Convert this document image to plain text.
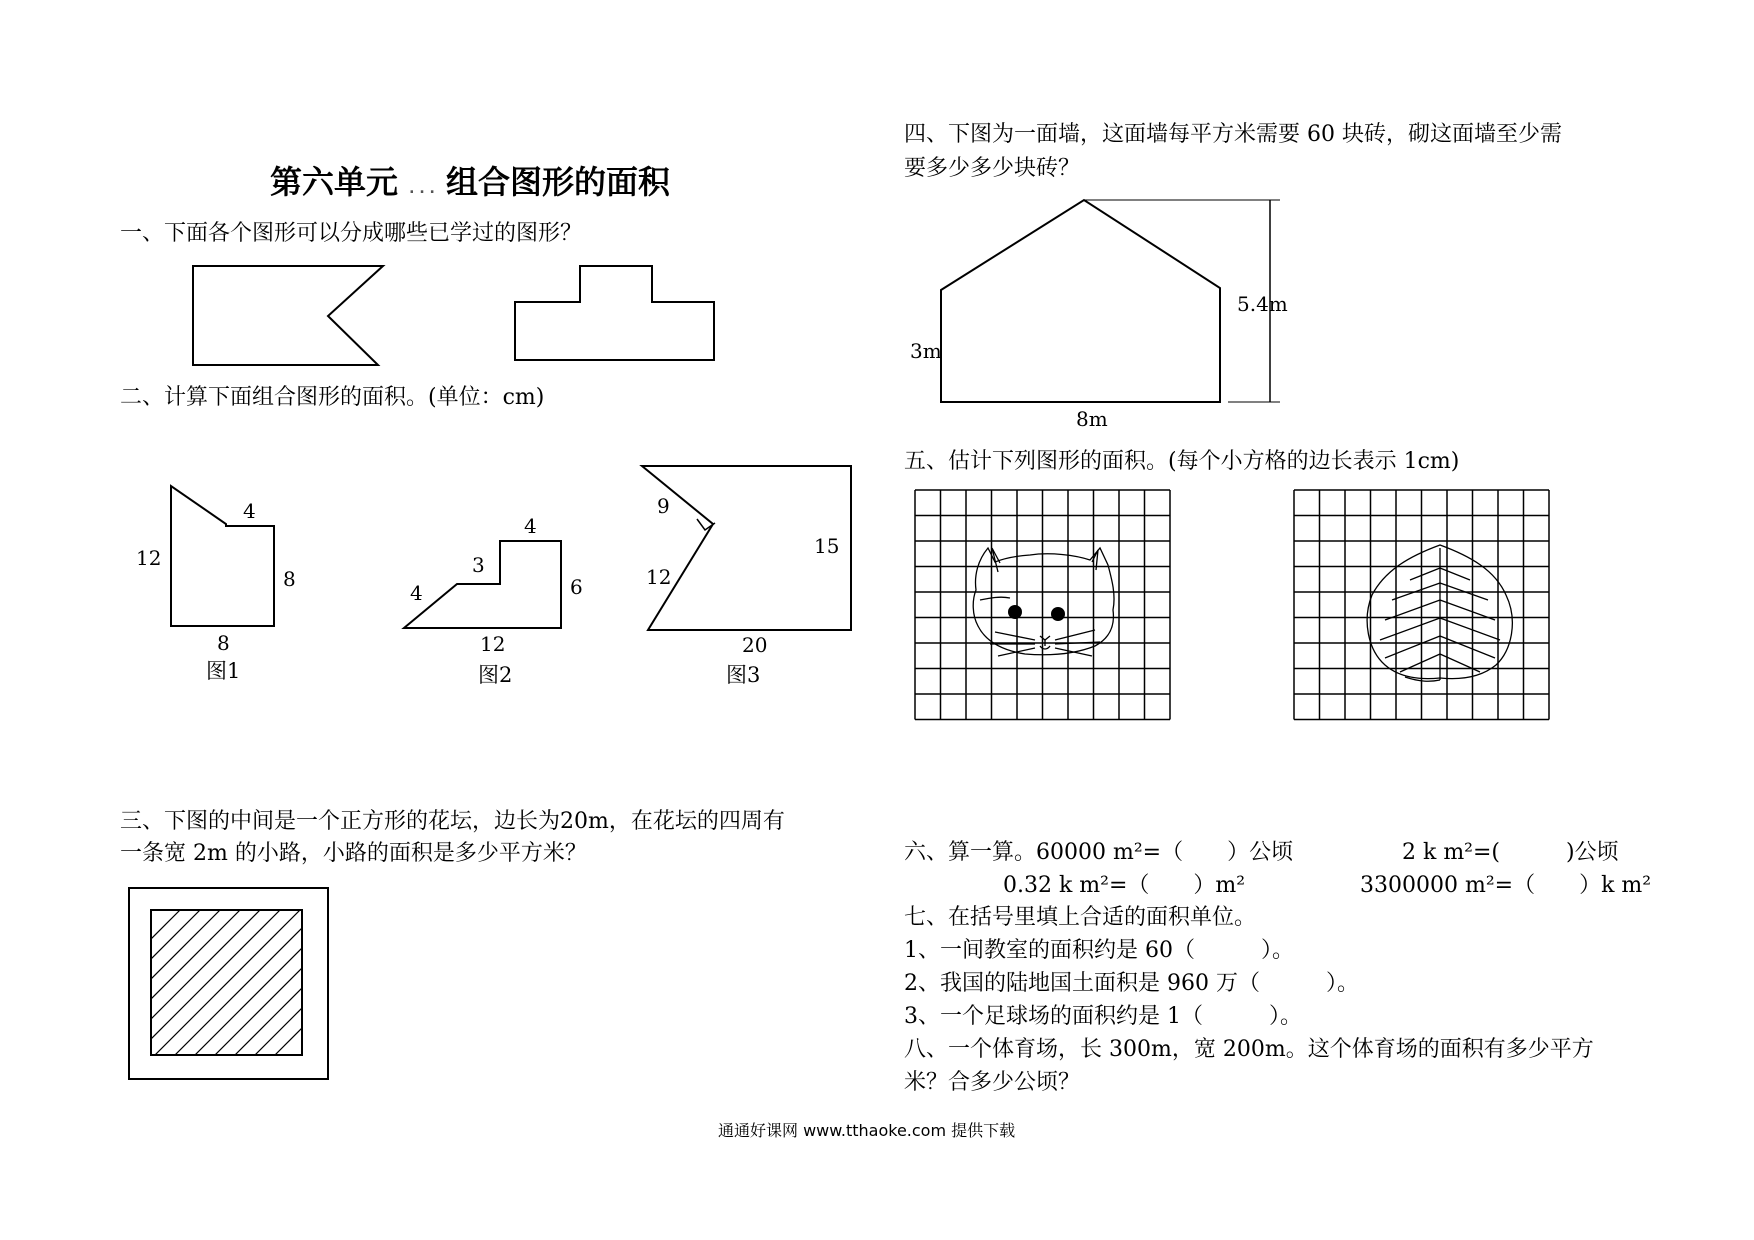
第六单元 . . . 组合图形的面积
一、下面各个图形可以分成哪些已学过的图形？
二、计算下面组合图形的面积。(单位：cm)
4
12
8
8
图1
4
3
4	6
12
图2
9
12
15
20
图3
三、下图的中间是一个正方形的花坛，边长为20m，在花坛的四周有
一条宽 2m 的小路，小路的面积是多少平方米？
四、下图为一面墙，这面墙每平方米需要 60 块砖，砌这面墙至少需
要多少多少块砖？
5.4m
3m
8m
五、估计下列图形的面积。(每个小方格的边长表示 1cm)
六、算一算。60000 m²=（　　）公顷	2 k m²=(　　　)公顷
0.32 k m²=（　　）m²	3300000 m²=（　　）k m²
七、在括号里填上合适的面积单位。
1、一间教室的面积约是 60（　　　）。
2、我国的陆地国土面积是 960 万（　　　）。
3、一个足球场的面积约是 1（　　　）。
八、一个体育场，长 300m，宽 200m。这个体育场的面积有多少平方
米？合多少公顷？
通通好课网 www.tthaoke.com 提供下载
